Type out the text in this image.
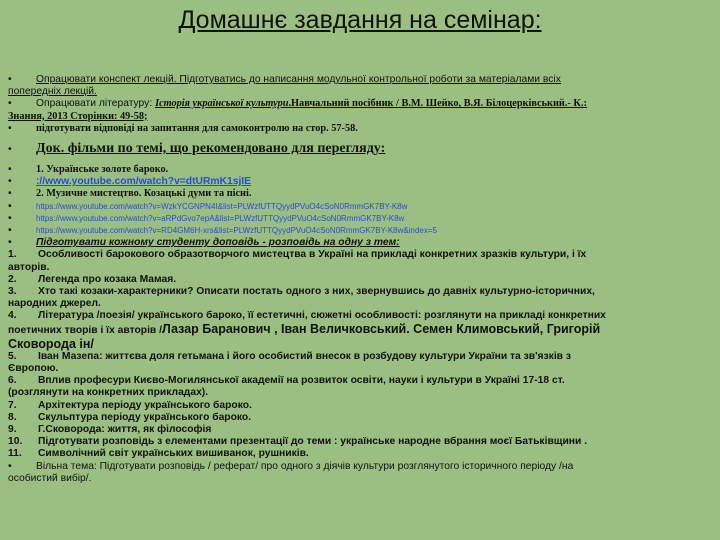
Домашнє завдання на семінар:
• Опрацювати конспект лекцій. Підготуватись до написання модульної контрольної роботи за матеріалами всіх
попередніх лекцій.
• Опрацювати літературу: Історія української культури.Навчальний посібник / В.М. Шейко, В.Я. Білоцерківський.- К.:
Знання, 2013 Сторінки: 49-58;
• підготувати відповіді на запитання для самоконтролю на стор. 57-58.
• Док. фільми по темі, що рекомендовано для перегляду:
• 1. Українське золоте бароко.
• ://www.youtube.com/watch?v=dtURmK1sjIE
• 2. Музичне мистецтво. Козацькі думи та пісні.
•	https://www.youtube.com/watch?v=WzkYCGNPN4I&list=PLWzfUTTQyydPVuO4cSoN0RmmGK7BY-K8w
•	https://www.youtube.com/watch?v=aRPdGvo7epA&list=PLWzfUTTQyydPVuO4cSoN0RmmGK7BY-K8w
•	https://www.youtube.com/watch?v=RD4GM6H-xrs&list=PLWzfUTTQyydPVuO4cSoN0RmmGK7BY-K8w&index=5
• Підготувати кожному студенту доповідь - розповідь на одну з тем:
1. Особливості барокового образотворчого мистецтва в Україні на прикладі конкретних зразків культури, і їх
авторів.
2. Легенда про козака Мамая.
3. Хто такі козаки-характерники? Описати постать одного з них, звернувшись до давніх культурно-історичних,
народних джерел.
4. Література /поезія/ українського бароко, її естетичні, сюжетні особливості: розглянути на прикладі конкретних
поетичних творів і їх авторів /Лазар Баранович , Іван Величковський. Семен Климовський, Григорій
Сковорода ін/
5. Іван Мазепа: життєва доля гетьмана і його особистий внесок в розбудову культури України та зв'язків з
Європою.
6. Вплив професури Києво-Могилянської академії на розвиток освіти, науки і культури в Україні 17-18 ст.
(розглянути на конкретних прикладах).
7. Архітектура періоду українського бароко.
8. Скульптура періоду українського бароко.
9. Г.Сковорода: життя, як філософія
10. Підготувати розповідь з елементами презентації до теми : українське народне вбрання моєї Батьківщини .
11. Символічний світ українських вишиванок, рушників.
• Вільна тема: Підготувати розповідь / реферат/ про одного з діячів культури розглянутого історичного періоду /на
особистий вибір/.
